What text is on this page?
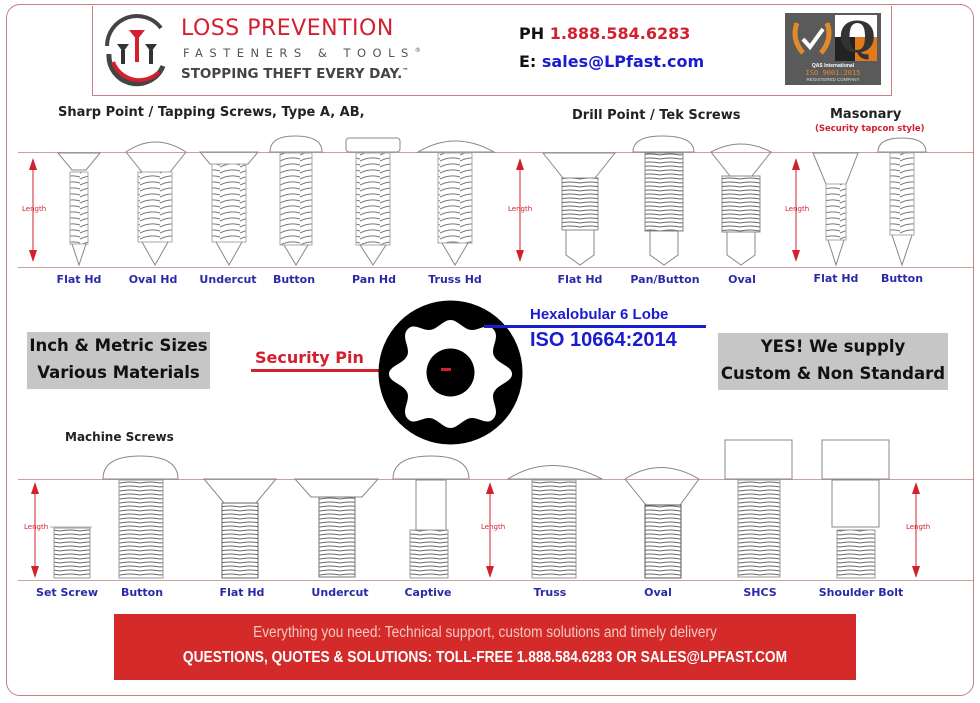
LOSS PREVENTION
FASTENERS & TOOLS®
STOPPING THEFT EVERY DAY.™
PH 1.888.584.6283
E: sales@LPfast.com	Q
QAS International
ISO 9001:2015
REGISTERED COMPANY
Sharp Point / Tapping Screws, Type A, AB,	Drill Point / Tek Screws	Masonary
(Security tapcon style)
Length	Length	Length
Flat Hd Oval Hd Undercut Button	Pan Hd	Truss Hd	Flat Hd	Pan/Button	Oval	Flat Hd Button
Inch & Metric Sizes
Various Materials
Security Pin
Hexalobular 6 Lobe
ISO 10664:2014	YES! We supply
Custom & Non Standard
Machine Screws
Length	Length	Length
Set Screw Button	Flat Hd	Undercut	Captive	Truss	Oval	SHCS	Shoulder Bolt
Everything you need: Technical support, custom solutions and timely delivery
QUESTIONS, QUOTES & SOLUTIONS: TOLL-FREE 1.888.584.6283 OR SALES@LPFAST.COM
